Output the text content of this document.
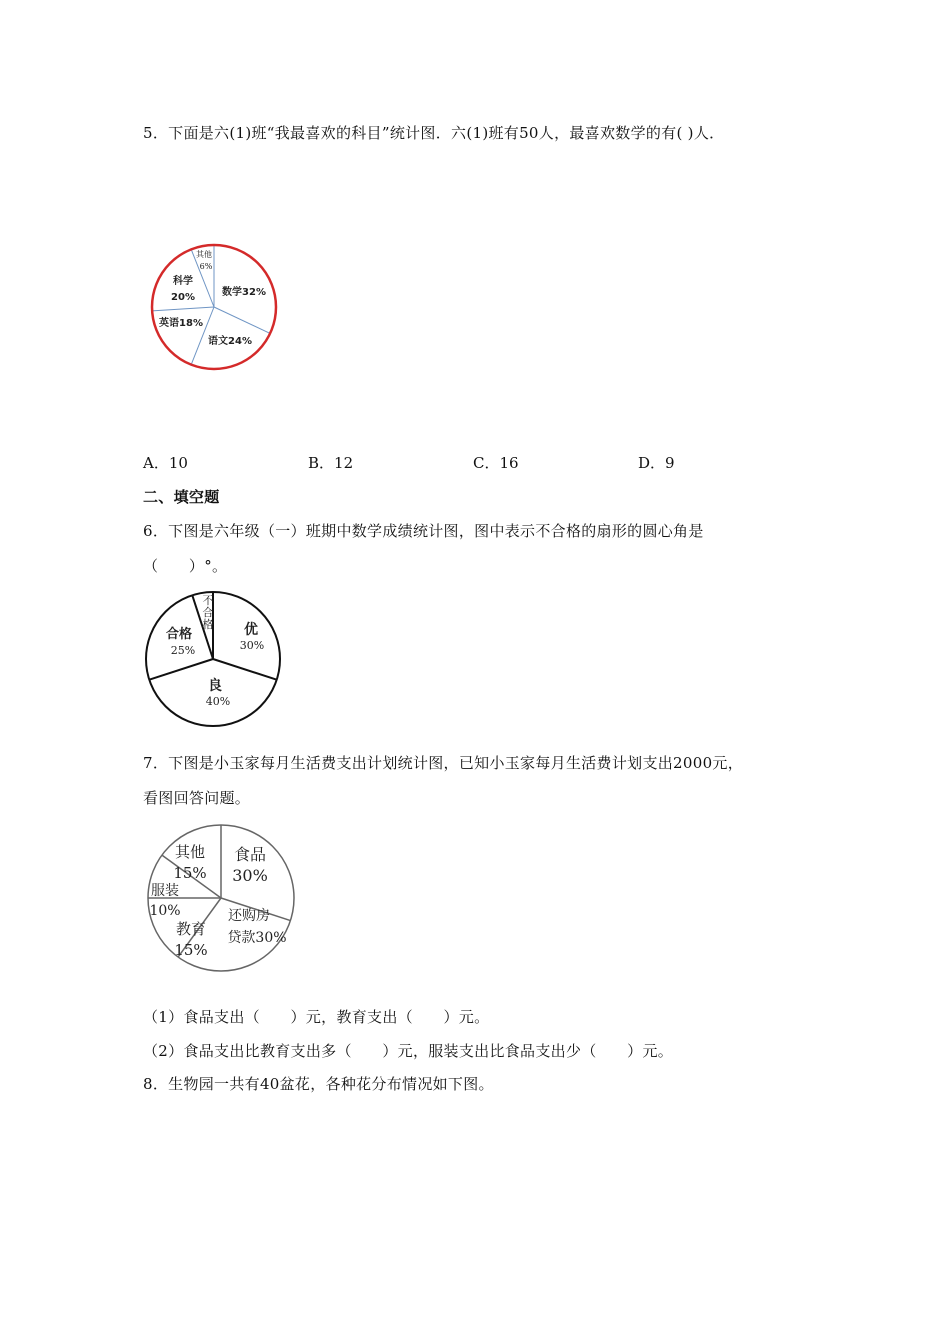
5．下面是六(1)班“我最喜欢的科目”统计图．六(1)班有50人，最喜欢数学的有( )人．
数学32%
语文24%
英语18%
科学
20%
其他
6%
A．10	B．12	C．16	D．9
二、填空题
6．下图是六年级（一）班期中数学成绩统计图，图中表示不合格的扇形的圆心角是
（　　）°。
优
30%
良
40%
合格
25%
不
合
格
7．下图是小玉家每月生活费支出计划统计图，已知小玉家每月生活费计划支出2000元，
看图回答问题。
食品
30%
还购房
贷款30%
教育
15%
服装
10%
其他
15%
（1）食品支出（　　）元，教育支出（　　）元。
（2）食品支出比教育支出多（　　）元，服装支出比食品支出少（　　）元。
8．生物园一共有40盆花，各种花分布情况如下图。
